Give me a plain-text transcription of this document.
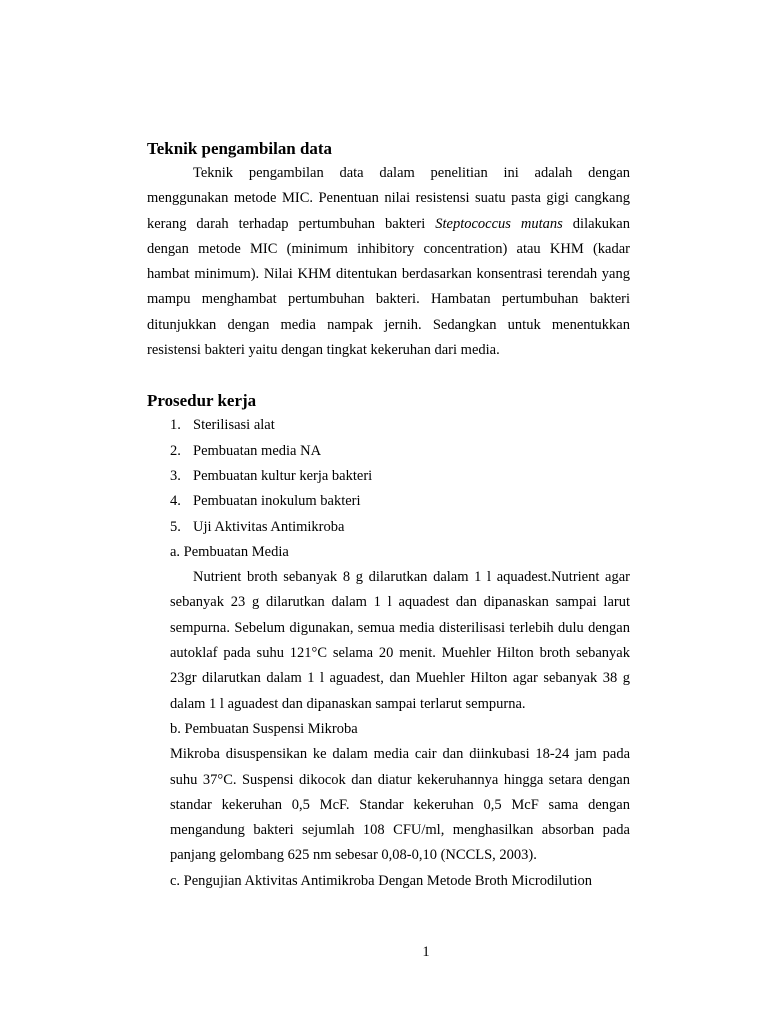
Teknik pengambilan data

Teknik pengambilan data dalam penelitian ini adalah dengan menggunakan metode MIC. Penentuan nilai resistensi suatu pasta gigi cangkang kerang darah terhadap pertumbuhan bakteri Steptococcus mutans dilakukan dengan metode MIC (minimum inhibitory concentration) atau KHM (kadar hambat minimum). Nilai KHM ditentukan berdasarkan konsentrasi terendah yang mampu menghambat pertumbuhan bakteri. Hambatan pertumbuhan bakteri ditunjukkan dengan media nampak jernih. Sedangkan untuk menentukkan resistensi bakteri yaitu dengan tingkat kekeruhan dari media.

Prosedur kerja
1. Sterilisasi alat
2. Pembuatan media NA
3. Pembuatan kultur kerja bakteri
4. Pembuatan inokulum bakteri
5. Uji Aktivitas Antimikroba

a. Pembuatan Media

Nutrient broth sebanyak 8 g dilarutkan dalam 1 l aquadest.Nutrient agar sebanyak 23 g dilarutkan dalam 1 l aquadest dan dipanaskan sampai larut sempurna. Sebelum digunakan, semua media disterilisasi terlebih dulu dengan autoklaf pada suhu 121°C selama 20 menit. Muehler Hilton broth sebanyak 23gr dilarutkan dalam 1 l aguadest, dan Muehler Hilton agar sebanyak 38 g dalam 1 l aguadest dan dipanaskan sampai terlarut sempurna.

b. Pembuatan Suspensi Mikroba

Mikroba disuspensikan ke dalam media cair dan diinkubasi 18-24 jam pada suhu 37°C. Suspensi dikocok dan diatur kekeruhannya hingga setara dengan standar kekeruhan 0,5 McF. Standar kekeruhan 0,5 McF sama dengan mengandung bakteri sejumlah 108 CFU/ml, menghasilkan absorban pada panjang gelombang 625 nm sebesar 0,08-0,10 (NCCLS, 2003).

c. Pengujian Aktivitas Antimikroba Dengan Metode Broth Microdilution

1
